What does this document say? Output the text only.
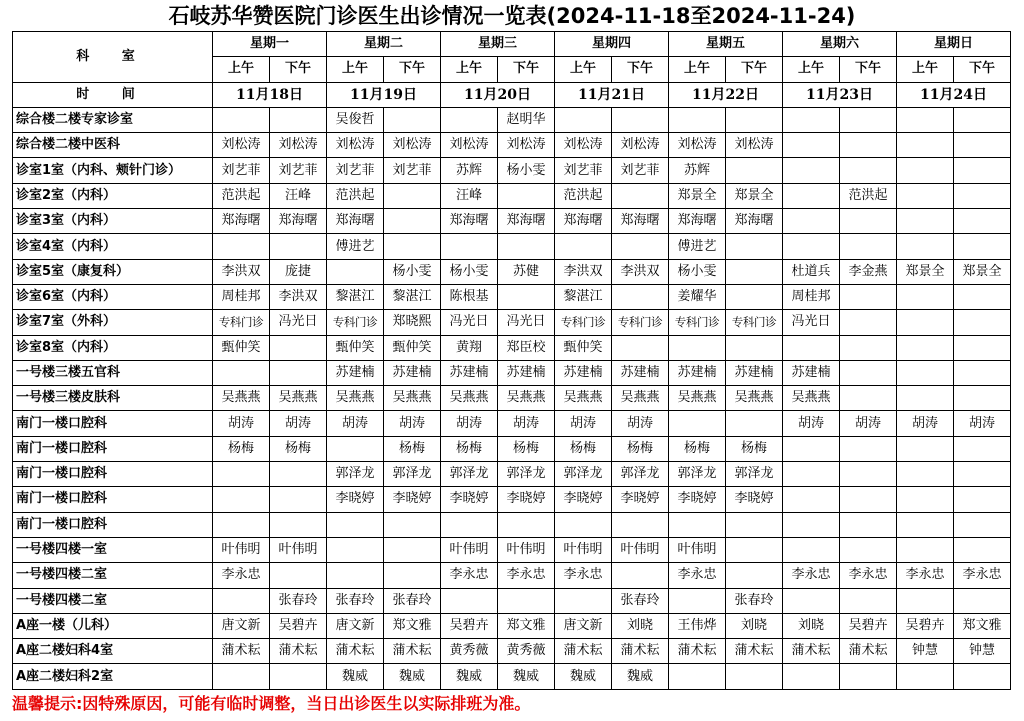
石岐苏华赞医院门诊医生出诊情况一览表(2024-11-18至2024-11-24)
科 室	星期一		星期二		星期三		星期四		星期五		星期六		星期日	
	上午	下午	上午	下午	上午	下午	上午	下午	上午	下午	上午	下午	上午	下午
时 间	11月18日		11月19日		11月20日		11月21日		11月22日		11月23日		11月24日	
综合楼二楼专家诊室			吴俊哲			赵明华								
综合楼二楼中医科	刘松涛	刘松涛	刘松涛	刘松涛	刘松涛	刘松涛	刘松涛	刘松涛	刘松涛	刘松涛				
诊室1室（内科、颊针门诊）	刘艺菲	刘艺菲	刘艺菲	刘艺菲	苏辉	杨小雯	刘艺菲	刘艺菲	苏辉					
诊室2室（内科）	范洪起	汪峰	范洪起		汪峰		范洪起		郑景全	郑景全		范洪起		
诊室3室（内科）	郑海曙	郑海曙	郑海曙		郑海曙	郑海曙	郑海曙	郑海曙	郑海曙	郑海曙				
诊室4室（内科）			傅进艺						傅进艺					
诊室5室（康复科）	李洪双	庞捷		杨小雯	杨小雯	苏健	李洪双	李洪双	杨小雯		杜道兵	李金燕	郑景全	郑景全
诊室6室（内科）	周桂邦	李洪双	黎湛江	黎湛江	陈根基		黎湛江		姜耀华		周桂邦			
诊室7室（外科）	专科门诊	冯光日	专科门诊	郑晓熙	冯光日	冯光日	专科门诊	专科门诊	专科门诊	专科门诊	冯光日			
诊室8室（内科）	甄仲笑		甄仲笑	甄仲笑	黄翔	郑臣校	甄仲笑							
一号楼三楼五官科			苏建楠	苏建楠	苏建楠	苏建楠	苏建楠	苏建楠	苏建楠	苏建楠	苏建楠			
一号楼三楼皮肤科	吴燕燕	吴燕燕	吴燕燕	吴燕燕	吴燕燕	吴燕燕	吴燕燕	吴燕燕	吴燕燕	吴燕燕	吴燕燕			
南门一楼口腔科	胡涛	胡涛	胡涛	胡涛	胡涛	胡涛	胡涛	胡涛			胡涛	胡涛	胡涛	胡涛
南门一楼口腔科	杨梅	杨梅		杨梅	杨梅	杨梅	杨梅	杨梅	杨梅	杨梅				
南门一楼口腔科			郭泽龙	郭泽龙	郭泽龙	郭泽龙	郭泽龙	郭泽龙	郭泽龙	郭泽龙				
南门一楼口腔科			李晓婷	李晓婷	李晓婷	李晓婷	李晓婷	李晓婷	李晓婷	李晓婷				
南门一楼口腔科														
一号楼四楼一室	叶伟明	叶伟明			叶伟明	叶伟明	叶伟明	叶伟明	叶伟明					
一号楼四楼二室	李永忠				李永忠	李永忠	李永忠		李永忠		李永忠	李永忠	李永忠	李永忠
一号楼四楼二室		张春玲	张春玲	张春玲				张春玲		张春玲				
A座一楼（儿科）	唐文新	吴碧卉	唐文新	郑文雅	吴碧卉	郑文雅	唐文新	刘晓	王伟烨	刘晓	刘晓	吴碧卉	吴碧卉	郑文雅
A座二楼妇科4室	蒲术耘	蒲术耘	蒲术耘	蒲术耘	黄秀薇	黄秀薇	蒲术耘	蒲术耘	蒲术耘	蒲术耘	蒲术耘	蒲术耘	钟慧	钟慧
A座二楼妇科2室			魏威	魏威	魏威	魏威	魏威	魏威						
温馨提示:因特殊原因，可能有临时调整，当日出诊医生以实际排班为准。
